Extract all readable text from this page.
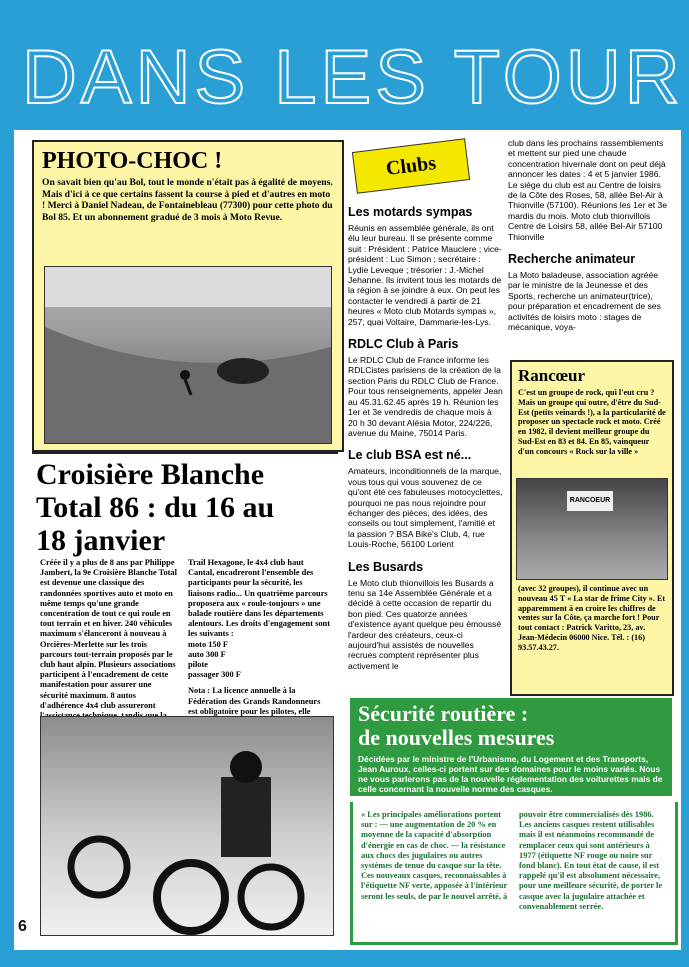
DANS LES TOUR
PHOTO-CHOC !
On savait bien qu'au Bol, tout le monde n'était pas à égalité de moyens. Mais d'ici à ce que certains fassent la course à pied et d'autres en moto ! Merci à Daniel Nadeau, de Fontainebleau (77300) pour cette photo du Bol 85. Et un abonnement gradué de 3 mois à Moto Revue.
Clubs
Les motards sympas

Réunis en assemblée générale, ils ont élu leur bureau. Il se présente comme suit : Président : Patrice Mauclere ; vice-président : Luc Simon ; secrétaire : Lydie Leveque ; trésorier : J.-Michel Jehanne. Ils invitent tous les motards de la région à se joindre à eux. On peut les contacter le vendredi à partir de 21 heures « Moto club Motards sympas », 257, quai Voltaire, Dammarie-les-Lys.

RDLC Club à Paris

Le RDLC Club de France informe les RDLCistes parisiens de la création de la section Paris du RDLC Club de France. Pour tous renseignements, appeler Jean au 45.31.62.45 après 19 h. Réunion les 1er et 3e vendredis de chaque mois à 20 h 30 devant Alésia Motor, 224/226, avenue du Maine, 75014 Paris.

Le club BSA est né...

Amateurs, inconditionnels de la marque, vous tous qui vous souvenez de ce qu'ont été ces fabuleuses motocyclettes, pourquoi ne pas nous rejoindre pour échanger des pièces, des idées, des conseils ou tout simplement, l'amitié et la passion ? BSA Bike's Club, 4, rue Louis-Roche, 56100 Lorient

Les Busards

Le Moto club thionvillois les Busards a tenu sa 14e Assemblée Générale et a décidé à cette occasion de repartir du bon pied. Ces quatorze années d'existence ayant quelque peu émoussé l'ardeur des créateurs, ceux-ci aujourd'hui assistés de nouvelles recrues comptent représenter plus activement le

club dans les prochains rassemblements et mettent sur pied une chaude concentration hivernale dont on peut déjà annoncer les dates : 4 et 5 janvier 1986. Le siège du club est au Centre de loisirs de la Côte des Roses, 58, allée Bel-Air à Thionville (57100). Réunions les 1er et 3e mardis du mois. Moto club thionvillois Centre de Loisirs 58, allée Bel-Air 57100 Thionville

Recherche animateur

La Moto baladeuse, association agréée par le ministre de la Jeunesse et des Sports, recherche un animateur(trice), pour préparation et encadrement de ses activités de loisirs moto : stages de mécanique, voya-

Rancœur
C'est un groupe de rock, qui l'eut cru ? Mais un groupe qui outre, d'être du Sud-Est (petits veinards !), a la particularité de proposer un spectacle rock et moto. Créé en 1982, il devient meilleur groupe du Sud-Est en 83 et 84. En 85, vainqueur d'un concours « Rock sur la ville »
RANCOEUR
(avec 32 groupes), il continue avec un nouveau 45 T « La star de frime City ». Et apparemment à en croire les chiffres de ventes sur la Côte, ça marche fort ! Pour tout contact : Patrick Varitto, 23, av. Jean-Médecin 06000 Nice. Tél. : (16) 93.57.43.27.
Croisière Blanche Total 86 : du 16 au 18 janvier
Créée il y a plus de 8 ans par Philippe Jambert, la 9e Croisière Blanche Total est devenue une classique des randonnées sportives auto et moto en même temps qu'une grande concentration de tout ce qui roule en tout terrain et en hiver. 240 véhicules maximum s'élanceront à nouveau à Orcières-Merlette sur les trois parcours tout-terrain proposés par le club haut alpin. Plusieurs associations participent à l'encadrement de cette manifestation pour assurer une sécurité maximum. 8 autos d'adhérence 4x4 club assureront

Trail Hexagone, le 4x4 club haut Cantal, encadreront l'ensemble des participants pour la sécurité, les liaisons radio... Un quatrième parcours proposera aux « roule-toujours » une balade routière dans les départements alentours. Les droits d'engagement sont les suivants :

moto 150 F

auto 300 F

pilote

passager 300 F

Nota : La licence annuelle à la Fédération des Grands Randonneurs est obligatoire pour les pilotes, elle	Sécurité routière :
de nouvelles mesures
Décidées par le ministre de l'Urbanisme, du Logement et des Transports, Jean Auroux, celles-ci portent sur des domaines pour le moins variés. Nous ne vous parlerons pas de la nouvelle réglementation des voiturettes mais de celle concernant la nouvelle norme des casques.
« Les principales améliorations portent sur : — une augmentation de 20 % en moyenne de la capacité d'absorption d'énergie en cas de choc. — la résistance aux chocs des jugulaires ou autres systèmes de tenue du casque sur la tête. Ces nouveaux casques, reconnaissables à l'étiquette NF verte, apposée à l'intérieur seront les seuls, de par le nouvel arrêté, à
pouvoir être commercialisés dès 1986. Les anciens casques restent utilisables mais il est néanmoins recommandé de remplacer ceux qui sont antérieurs à 1977 (étiquette NF rouge ou noire sur fond blanc). En tout état de cause, il est rappelé qu'il est absolument nécessaire, pour une meilleure sécurité, de porter le casque avec la jugulaire attachée et convenablement serrée.
6
